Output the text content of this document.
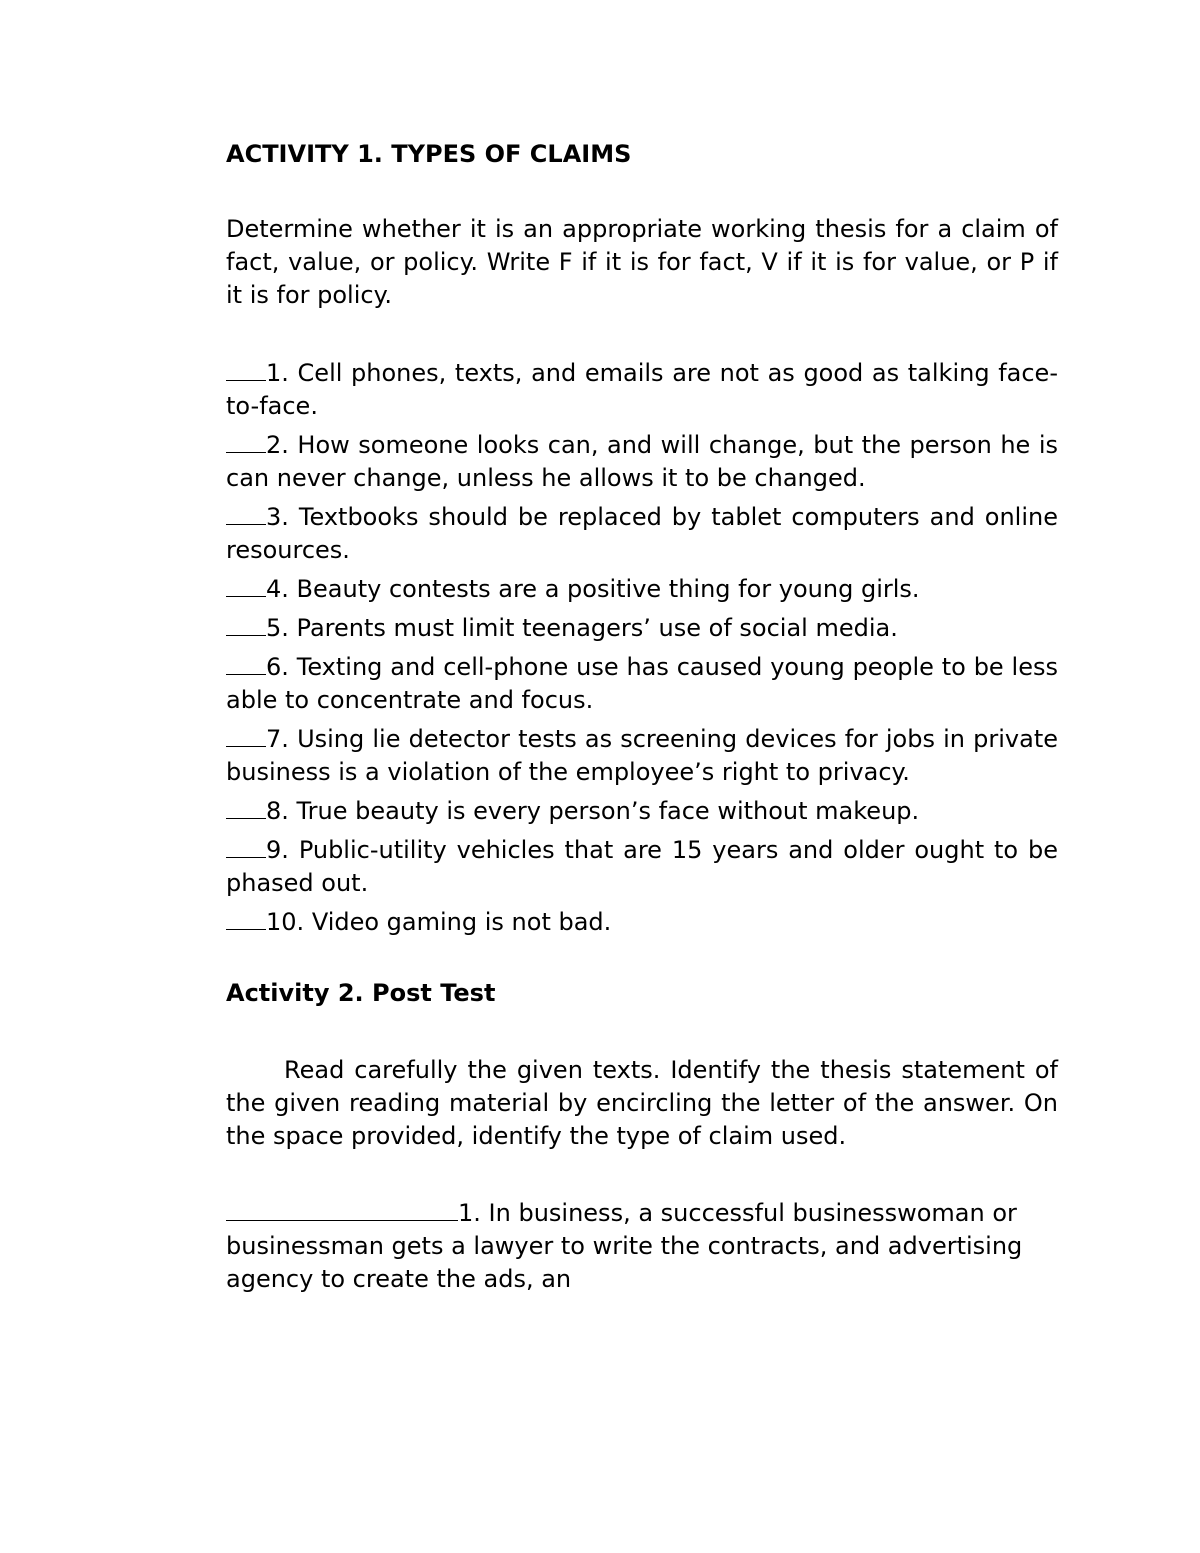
ACTIVITY 1. TYPES OF CLAIMS

Determine whether it is an appropriate working thesis for a claim of fact, value, or policy. Write F if it is for fact, V if it is for value, or P if it is for policy.

1. Cell phones, texts, and emails are not as good as talking face-to-face.

2. How someone looks can, and will change, but the person he is can never change, unless he allows it to be changed.

3. Textbooks should be replaced by tablet computers and online resources.

4. Beauty contests are a positive thing for young girls.

5. Parents must limit teenagers’ use of social media.

6. Texting and cell-phone use has caused young people to be less able to concentrate and focus.

7. Using lie detector tests as screening devices for jobs in private business is a violation of the employee’s right to privacy.

8. True beauty is every person’s face without makeup.

9. Public-utility vehicles that are 15 years and older ought to be phased out.

10. Video gaming is not bad.

Activity 2. Post Test

Read carefully the given texts. Identify the thesis statement of the given reading material by encircling the letter of the answer. On the space provided, identify the type of claim used.

1. In business, a successful businesswoman or businessman gets a lawyer to write the contracts, and advertising agency to create the ads, an
